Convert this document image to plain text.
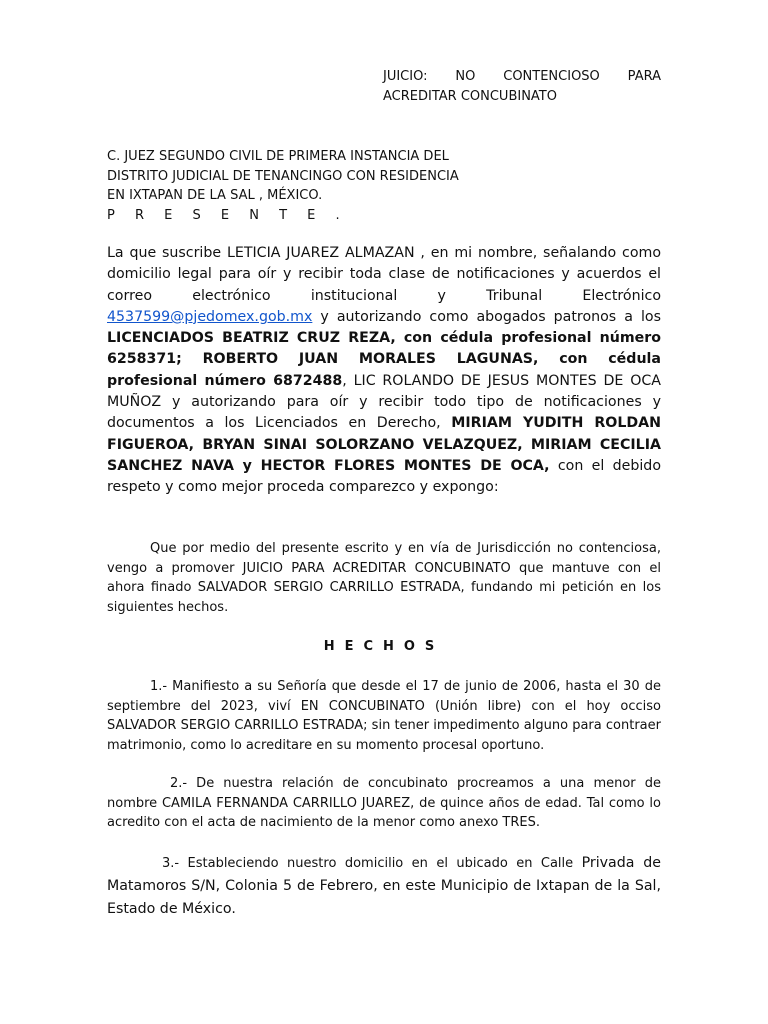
JUICIO: NO CONTENCIOSO PARA
ACREDITAR CONCUBINATO
C. JUEZ SEGUNDO CIVIL DE PRIMERA INSTANCIA DEL
DISTRITO JUDICIAL DE TENANCINGO CON RESIDENCIA
EN IXTAPAN DE LA SAL , MÉXICO.
P R E S E N T E .
La que suscribe LETICIA JUAREZ ALMAZAN , en mi nombre, señalando como domicilio legal para oír y recibir toda clase de notificaciones y acuerdos el correo electrónico institucional y Tribunal Electrónico 4537599@pjedomex.gob.mx y autorizando como abogados patronos a los LICENCIADOS BEATRIZ CRUZ REZA, con cédula profesional número 6258371; ROBERTO JUAN MORALES LAGUNAS, con cédula profesional número 6872488, LIC ROLANDO DE JESUS MONTES DE OCA MUÑOZ y autorizando para oír y recibir todo tipo de notificaciones y documentos a los Licenciados en Derecho, MIRIAM YUDITH ROLDAN FIGUEROA, BRYAN SINAI SOLORZANO VELAZQUEZ, MIRIAM CECILIA SANCHEZ NAVA y HECTOR FLORES MONTES DE OCA, con el debido respeto y como mejor proceda comparezco y expongo:
Que por medio del presente escrito y en vía de Jurisdicción no contenciosa, vengo a promover JUICIO PARA ACREDITAR CONCUBINATO que mantuve con el ahora finado SALVADOR SERGIO CARRILLO ESTRADA, fundando mi petición en los siguientes hechos.
HECHOS
1.- Manifiesto a su Señoría que desde el 17 de junio de 2006, hasta el 30 de septiembre del 2023, viví EN CONCUBINATO (Unión libre) con el hoy occiso SALVADOR SERGIO CARRILLO ESTRADA; sin tener impedimento alguno para contraer matrimonio, como lo acreditare en su momento procesal oportuno.
2.- De nuestra relación de concubinato procreamos a una menor de nombre CAMILA FERNANDA CARRILLO JUAREZ, de quince años de edad. Tal como lo acredito con el acta de nacimiento de la menor como anexo TRES.
3.- Estableciendo nuestro domicilio en el ubicado en Calle Privada de Matamoros S/N, Colonia 5 de Febrero, en este Municipio de Ixtapan de la Sal, Estado de México.
